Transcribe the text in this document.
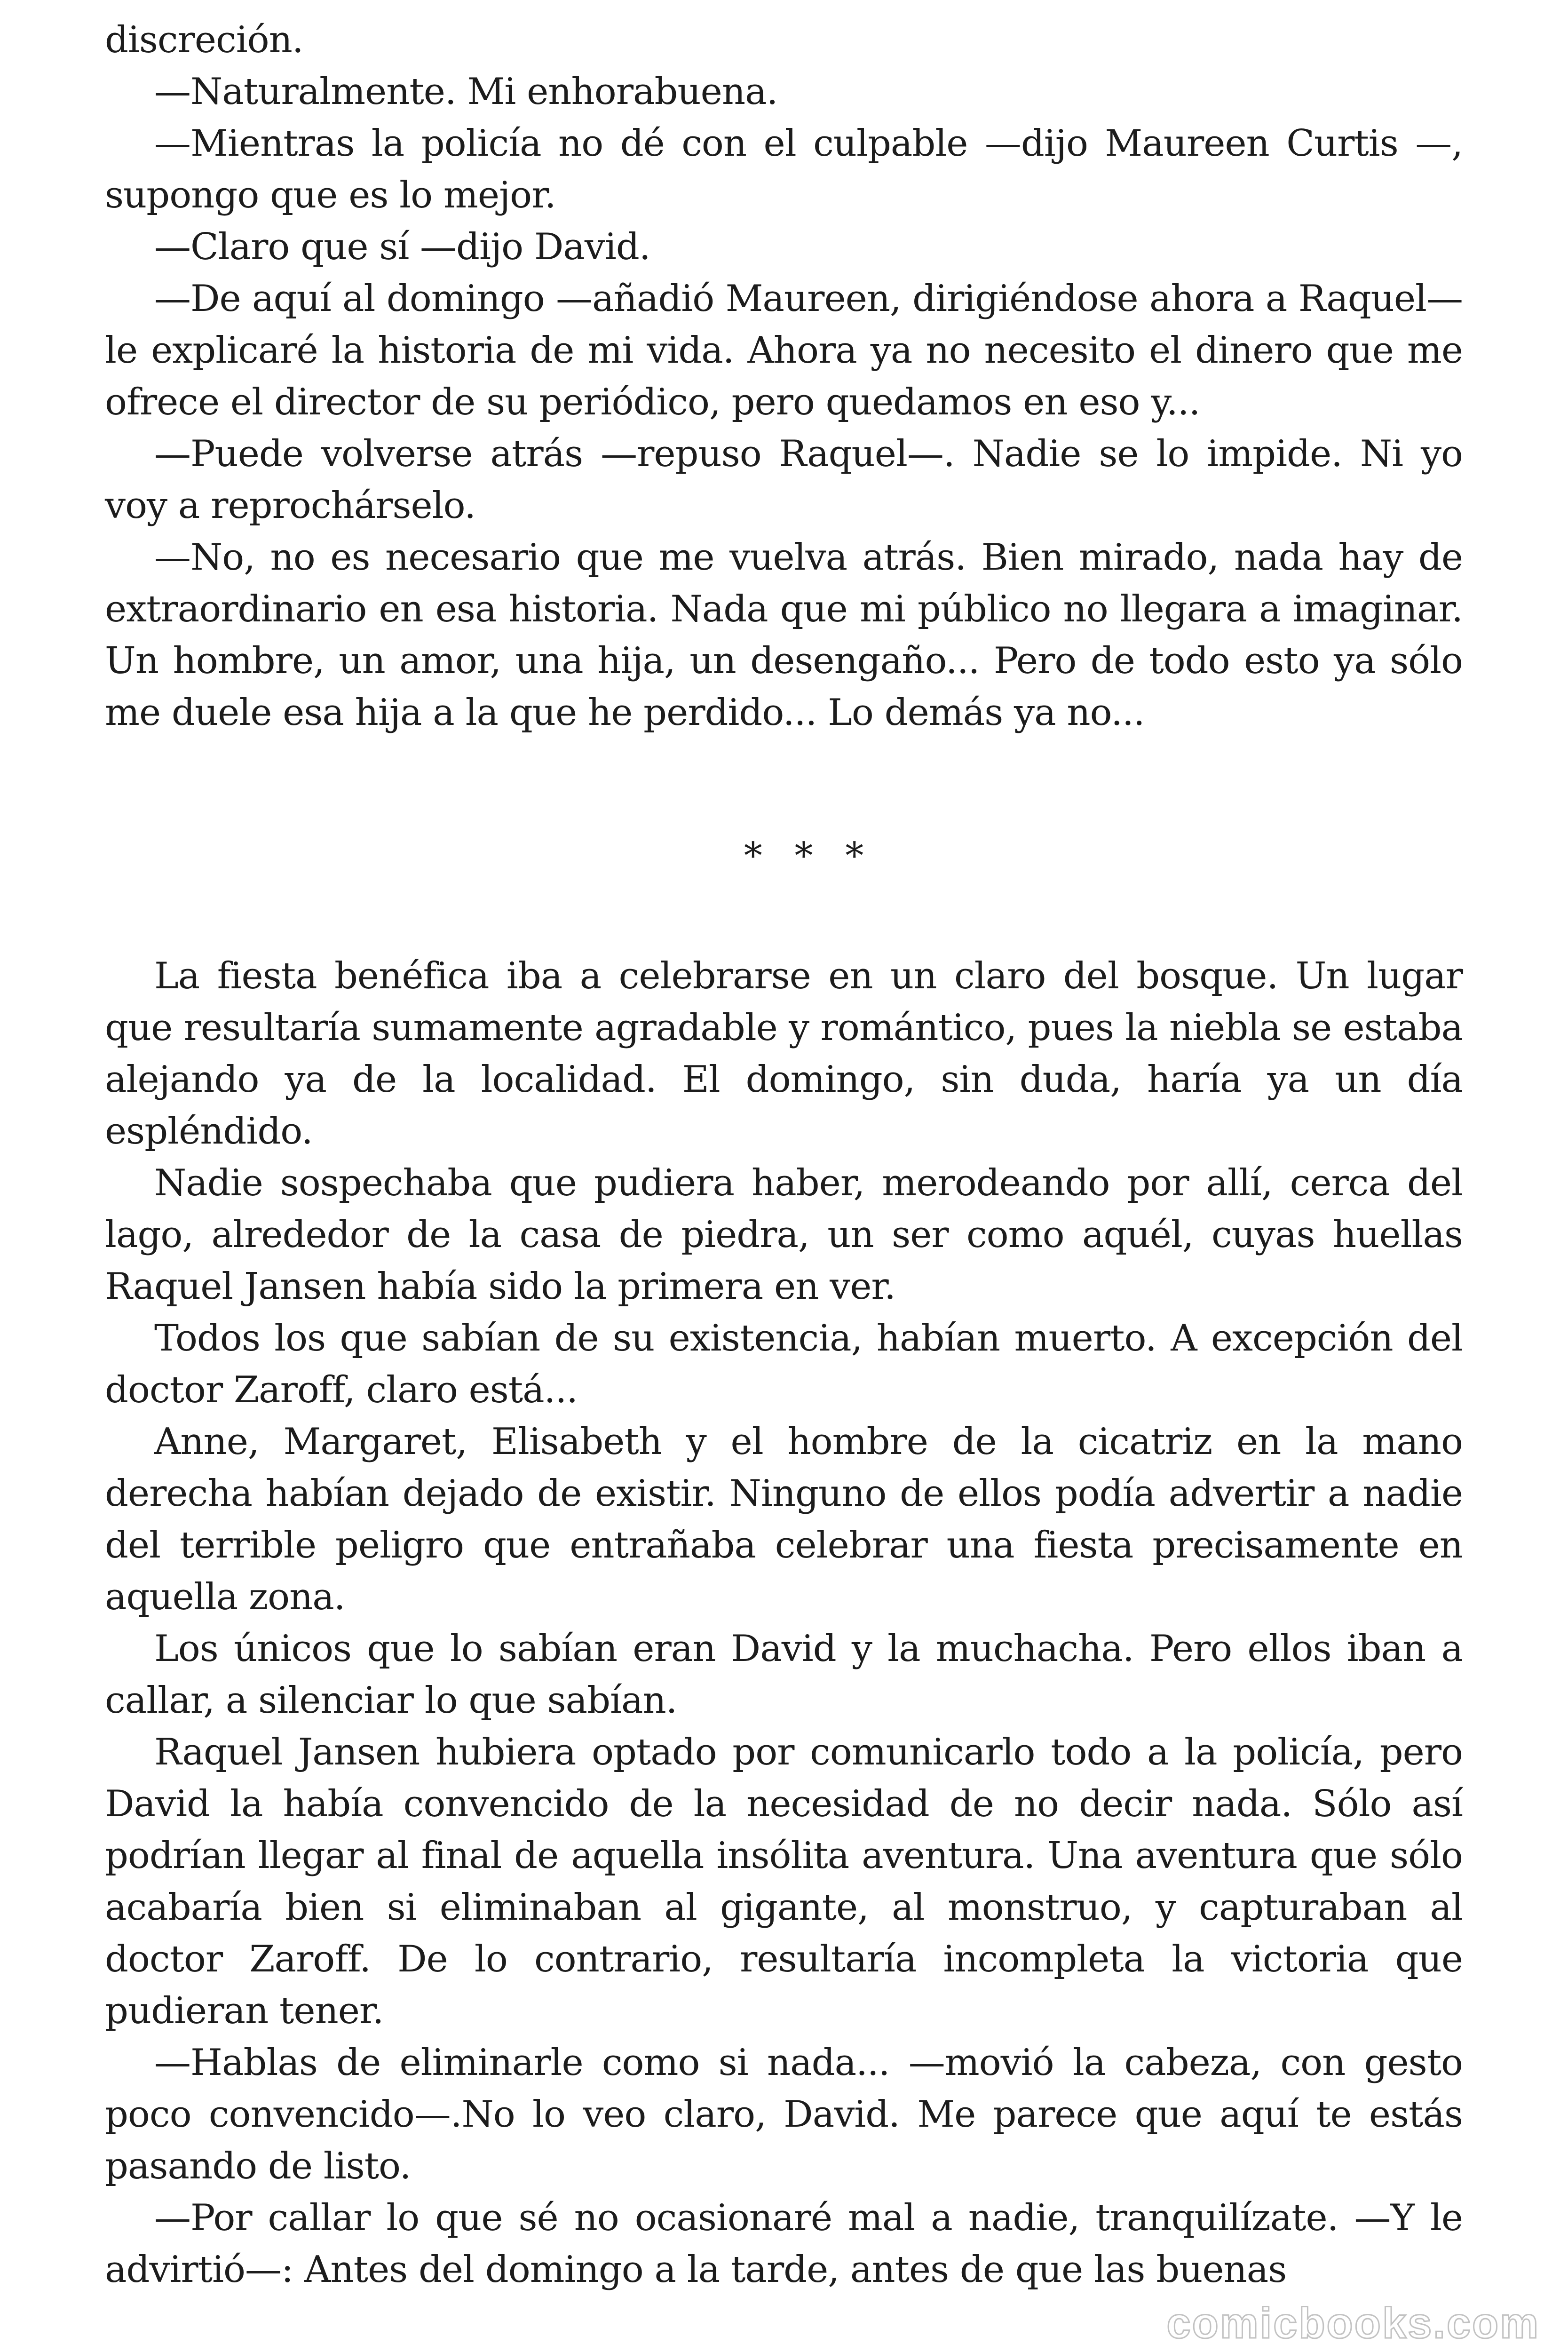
discreción.

—Naturalmente. Mi enhorabuena.

—Mientras la policía no dé con el culpable —dijo Maureen Curtis —, supongo que es lo mejor.

—Claro que sí —dijo David.

—De aquí al domingo —añadió Maureen, dirigiéndose ahora a Raquel— le explicaré la historia de mi vida. Ahora ya no necesito el dinero que me ofrece el director de su periódico, pero quedamos en eso y...

—Puede volverse atrás —repuso Raquel—. Nadie se lo impide. Ni yo voy a reprochárselo.

—No, no es necesario que me vuelva atrás. Bien mirado, nada hay de extraordinario en esa historia. Nada que mi público no llegara a imaginar. Un hombre, un amor, una hija, un desengaño... Pero de todo esto ya sólo me duele esa hija a la que he perdido... Lo demás ya no...

* * *

La fiesta benéfica iba a celebrarse en un claro del bosque. Un lugar que resultaría sumamente agradable y romántico, pues la niebla se estaba alejando ya de la localidad. El domingo, sin duda, haría ya un día espléndido.

Nadie sospechaba que pudiera haber, merodeando por allí, cerca del lago, alrededor de la casa de piedra, un ser como aquél, cuyas huellas Raquel Jansen había sido la primera en ver.

Todos los que sabían de su existencia, habían muerto. A excepción del doctor Zaroff, claro está...

Anne, Margaret, Elisabeth y el hombre de la cicatriz en la mano derecha habían dejado de existir. Ninguno de ellos podía advertir a nadie del terrible peligro que entrañaba celebrar una fiesta precisamente en aquella zona.

Los únicos que lo sabían eran David y la muchacha. Pero ellos iban a callar, a silenciar lo que sabían.

Raquel Jansen hubiera optado por comunicarlo todo a la policía, pero David la había convencido de la necesidad de no decir nada. Sólo así podrían llegar al final de aquella insólita aventura. Una aventura que sólo acabaría bien si eliminaban al gigante, al monstruo, y capturaban al doctor Zaroff. De lo contrario, resultaría incompleta la victoria que pudieran tener.

—Hablas de eliminarle como si nada... —movió la cabeza, con gesto poco convencido—.No lo veo claro, David. Me parece que aquí te estás pasando de listo.

—Por callar lo que sé no ocasionaré mal a nadie, tranquilízate. —Y le advirtió—: Antes del domingo a la tarde, antes de que las buenas

comicbooks.com
